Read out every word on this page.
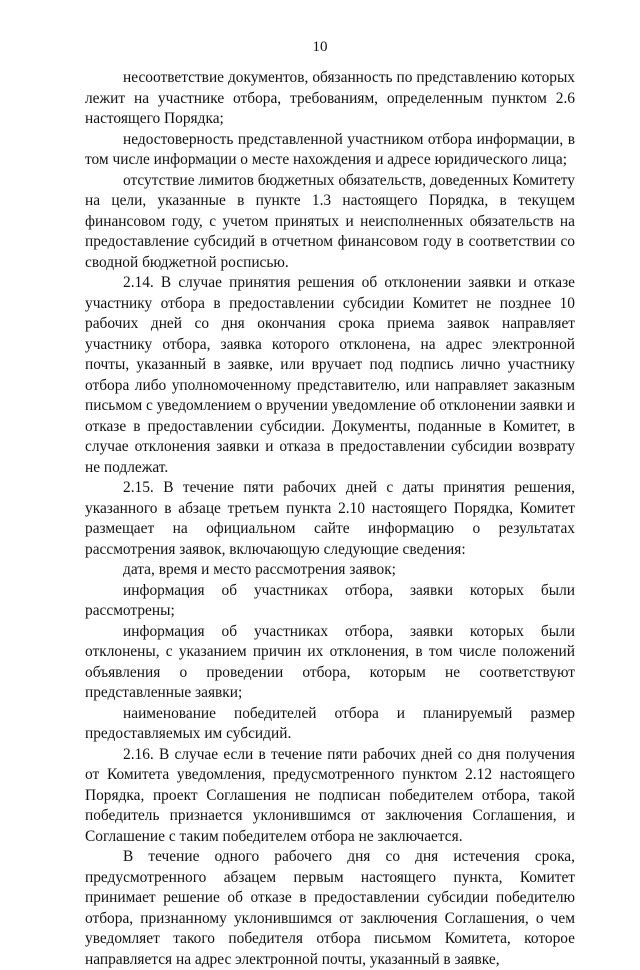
10

несоответствие документов, обязанность по представлению которых лежит на участнике отбора, требованиям, определенным пунктом 2.6 настоящего Порядка;

недостоверность представленной участником отбора информации, в том числе информации о месте нахождения и адресе юридического лица;

отсутствие лимитов бюджетных обязательств, доведенных Комитету на цели, указанные в пункте 1.3 настоящего Порядка, в текущем финансовом году, с учетом принятых и неисполненных обязательств на предоставление субсидий в отчетном финансовом году в соответствии со сводной бюджетной росписью.

2.14. В случае принятия решения об отклонении заявки и отказе участнику отбора в предоставлении субсидии Комитет не позднее 10 рабочих дней со дня окончания срока приема заявок направляет участнику отбора, заявка которого отклонена, на адрес электронной почты, указанный в заявке, или вручает под подпись лично участнику отбора либо уполномоченному представителю, или направляет заказным письмом с уведомлением о вручении уведомление об отклонении заявки и отказе в предоставлении субсидии. Документы, поданные в Комитет, в случае отклонения заявки и отказа в предоставлении субсидии возврату не подлежат.

2.15. В течение пяти рабочих дней с даты принятия решения, указанного в абзаце третьем пункта 2.10 настоящего Порядка, Комитет размещает на официальном сайте информацию о результатах рассмотрения заявок, включающую следующие сведения:

дата, время и место рассмотрения заявок;

информация об участниках отбора, заявки которых были рассмотрены;

информация об участниках отбора, заявки которых были отклонены, с указанием причин их отклонения, в том числе положений объявления о проведении отбора, которым не соответствуют представленные заявки;

наименование победителей отбора и планируемый размер предоставляемых им субсидий.

2.16. В случае если в течение пяти рабочих дней со дня получения от Комитета уведомления, предусмотренного пунктом 2.12 настоящего Порядка, проект Соглашения не подписан победителем отбора, такой победитель признается уклонившимся от заключения Соглашения, и Соглашение с таким победителем отбора не заключается.

В течение одного рабочего дня со дня истечения срока, предусмотренного абзацем первым настоящего пункта, Комитет принимает решение об отказе в предоставлении субсидии победителю отбора, признанному уклонившимся от заключения Соглашения, о чем уведомляет такого победителя отбора письмом Комитета, которое направляется на адрес электронной почты, указанный в заявке,
